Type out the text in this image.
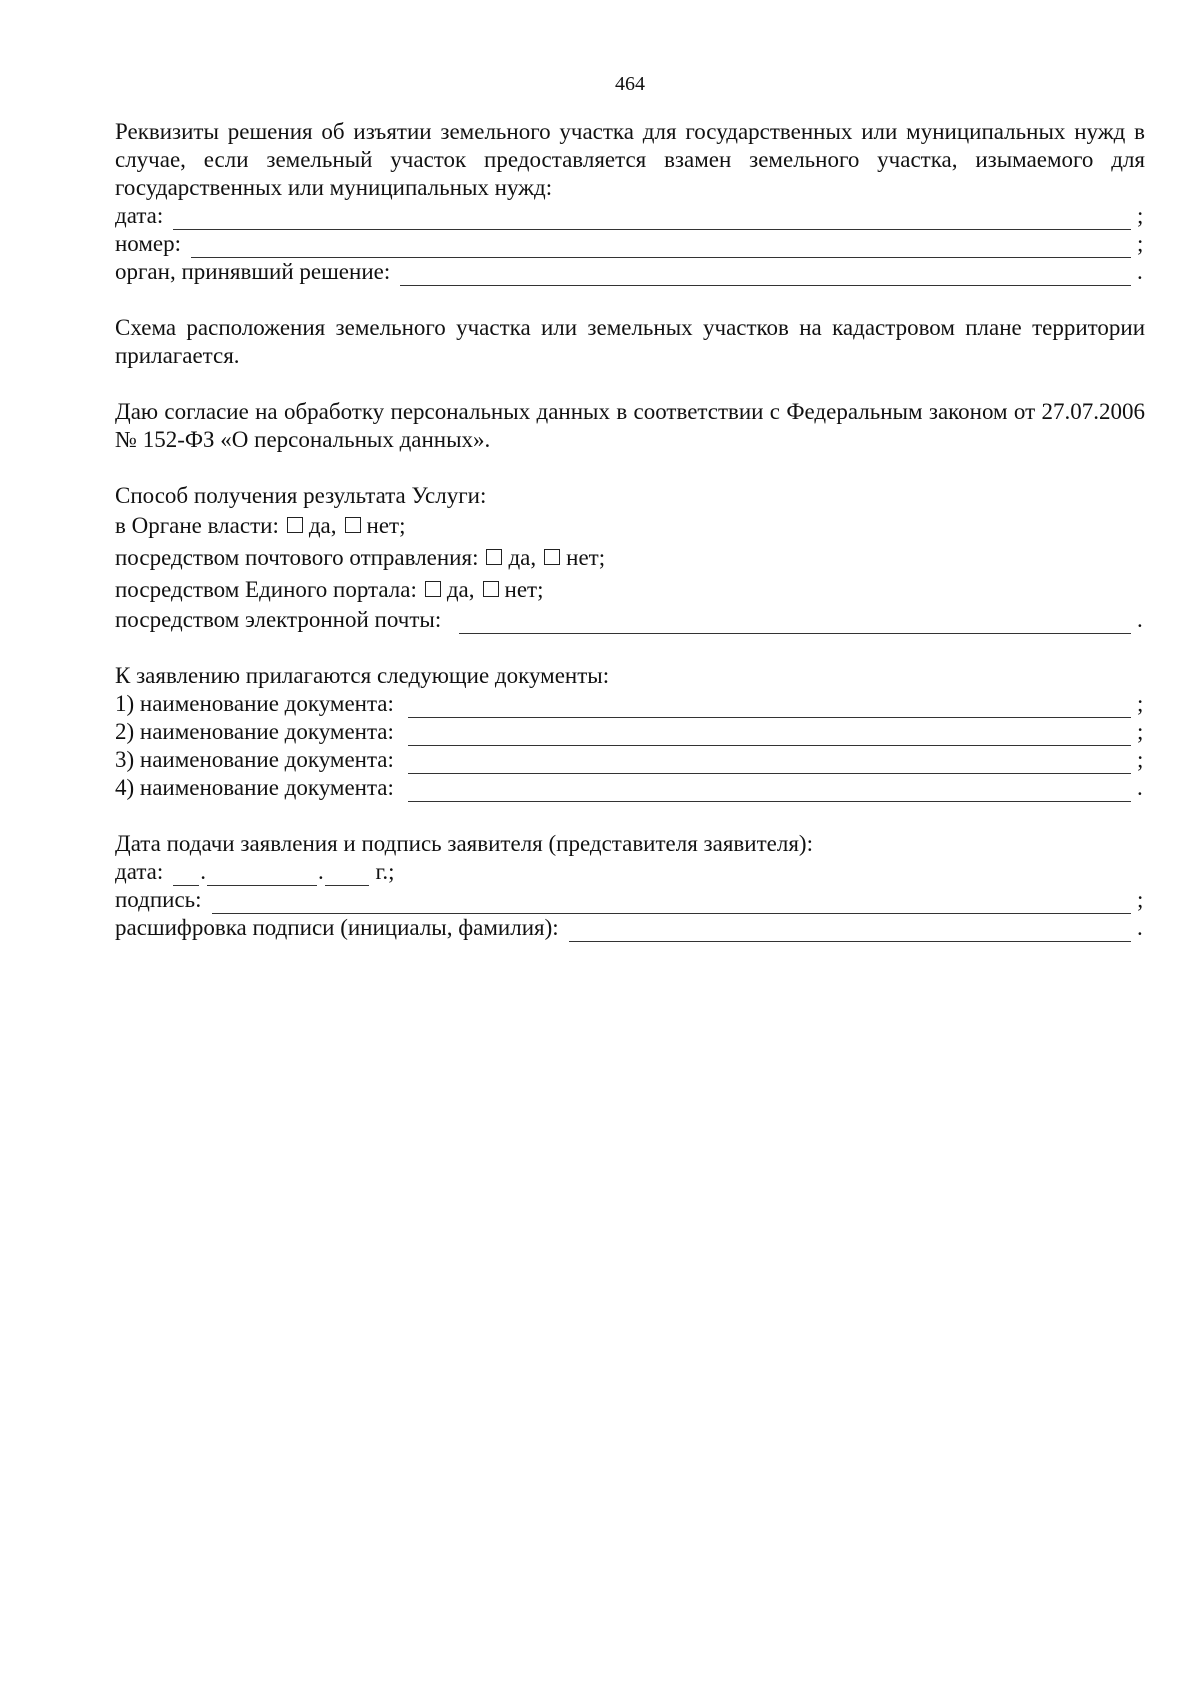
464

Реквизиты решения об изъятии земельного участка для государственных или муниципальных нужд в случае, если земельный участок предоставляется взамен земельного участка, изымаемого для государственных или муниципальных нужд:

дата:	;
номер:	;
орган, принявший решение:	.

Схема расположения земельного участка или земельных участков на кадастровом плане территории прилагается.

Даю согласие на обработку персональных данных в соответствии с Федеральным законом от 27.07.2006 № 152-ФЗ «О персональных данных».

Способ получения результата Услуги:
в Органе власти: да, нет;
посредством почтового отправления: да, нет;
посредством Единого портала: да, нет;
посредством электронной почты:	.
К заявлению прилагаются следующие документы:
1) наименование документа:	;
2) наименование документа:	;
3) наименование документа:	;
4) наименование документа:	.
Дата подачи заявления и подпись заявителя (представителя заявителя):
дата: .	. г.;
подпись:	;
расшифровка подписи (инициалы, фамилия):	.
